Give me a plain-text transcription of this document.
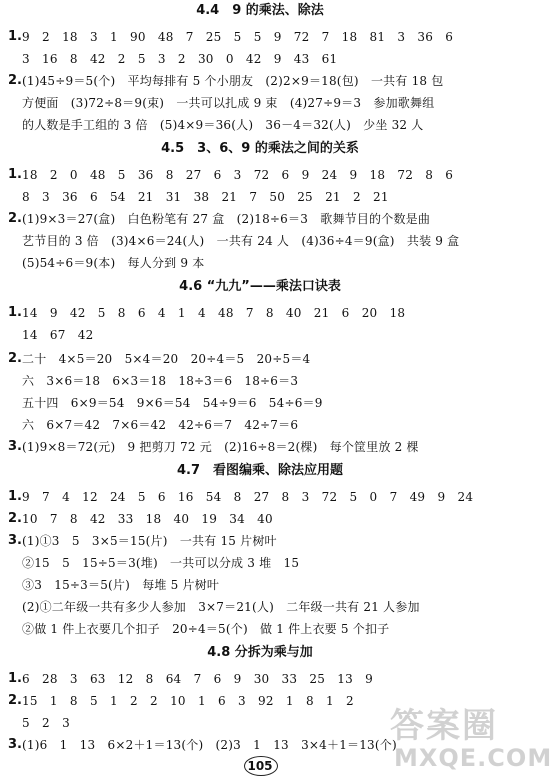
4.4　9 的乘法、除法
1. 9　2　18　3　1　90　48　7　25　5　5　9　72　7　18　81　3　36　6
3　16　8　42　2　5　3　2　30　0　42　9　43　61
2. (1)45÷9＝5(个)　平均每排有 5 个小朋友　(2)2×9＝18(包)　一共有 18 包
方便面　(3)72÷8＝9(束)　一共可以扎成 9 束　(4)27÷9＝3　参加歌舞组
的人数是手工组的 3 倍　(5)4×9＝36(人)　36－4＝32(人)　少坐 32 人
4.5　3、6、9 的乘法之间的关系
1. 18　2　0　48　5　36　8　27　6　3　72　6　9　24　9　18　72　8　6
8　3　36　6　54　21　31　38　21　7　50　25　21　2　21
2. (1)9×3＝27(盒)　白色粉笔有 27 盒　(2)18÷6＝3　歌舞节目的个数是曲
艺节目的 3 倍　(3)4×6＝24(人)　一共有 24 人　(4)36÷4＝9(盒)　共装 9 盒
(5)54÷6＝9(本)　每人分到 9 本
4.6 “九九”——乘法口诀表
1. 14　9　42　5　8　6　4　1　4　48　7　8　40　21　6　20　18
14　67　42
2. 二十　4×5＝20　5×4＝20　20÷4＝5　20÷5＝4
六　3×6＝18　6×3＝18　18÷3＝6　18÷6＝3
五十四　6×9＝54　9×6＝54　54÷9＝6　54÷6＝9
六　6×7＝42　7×6＝42　42÷6＝7　42÷7＝6
3. (1)9×8＝72(元)　9 把剪刀 72 元　(2)16÷8＝2(棵)　每个筐里放 2 棵
4.7　看图编乘、除法应用题
1. 9　7　4　12　24　5　6　16　54　8　27　8　3　72　5　0　7　49　9　24
2. 10　7　8　42　33　18　40　19　34　40
3. (1)①3　5　3×5＝15(片)　一共有 15 片树叶
②15　5　15÷5＝3(堆)　一共可以分成 3 堆　15
③3　15÷3＝5(片)　每堆 5 片树叶
(2)①二年级一共有多少人参加　3×7＝21(人)　二年级一共有 21 人参加
②做 1 件上衣要几个扣子　20÷4＝5(个)　做 1 件上衣要 5 个扣子
4.8 分拆为乘与加
1. 6　28　3　63　12　8　64　7　6　9　30　33　25　13　9
2. 15　1　8　5　1　2　2　10　1　6　3　92　1　8　1　2
5　2　3
3. (1)6　1　13　6×2＋1＝13(个)　(2)3　1　13　3×4＋1＝13(个)
105
答案圈
MXQE.COM
